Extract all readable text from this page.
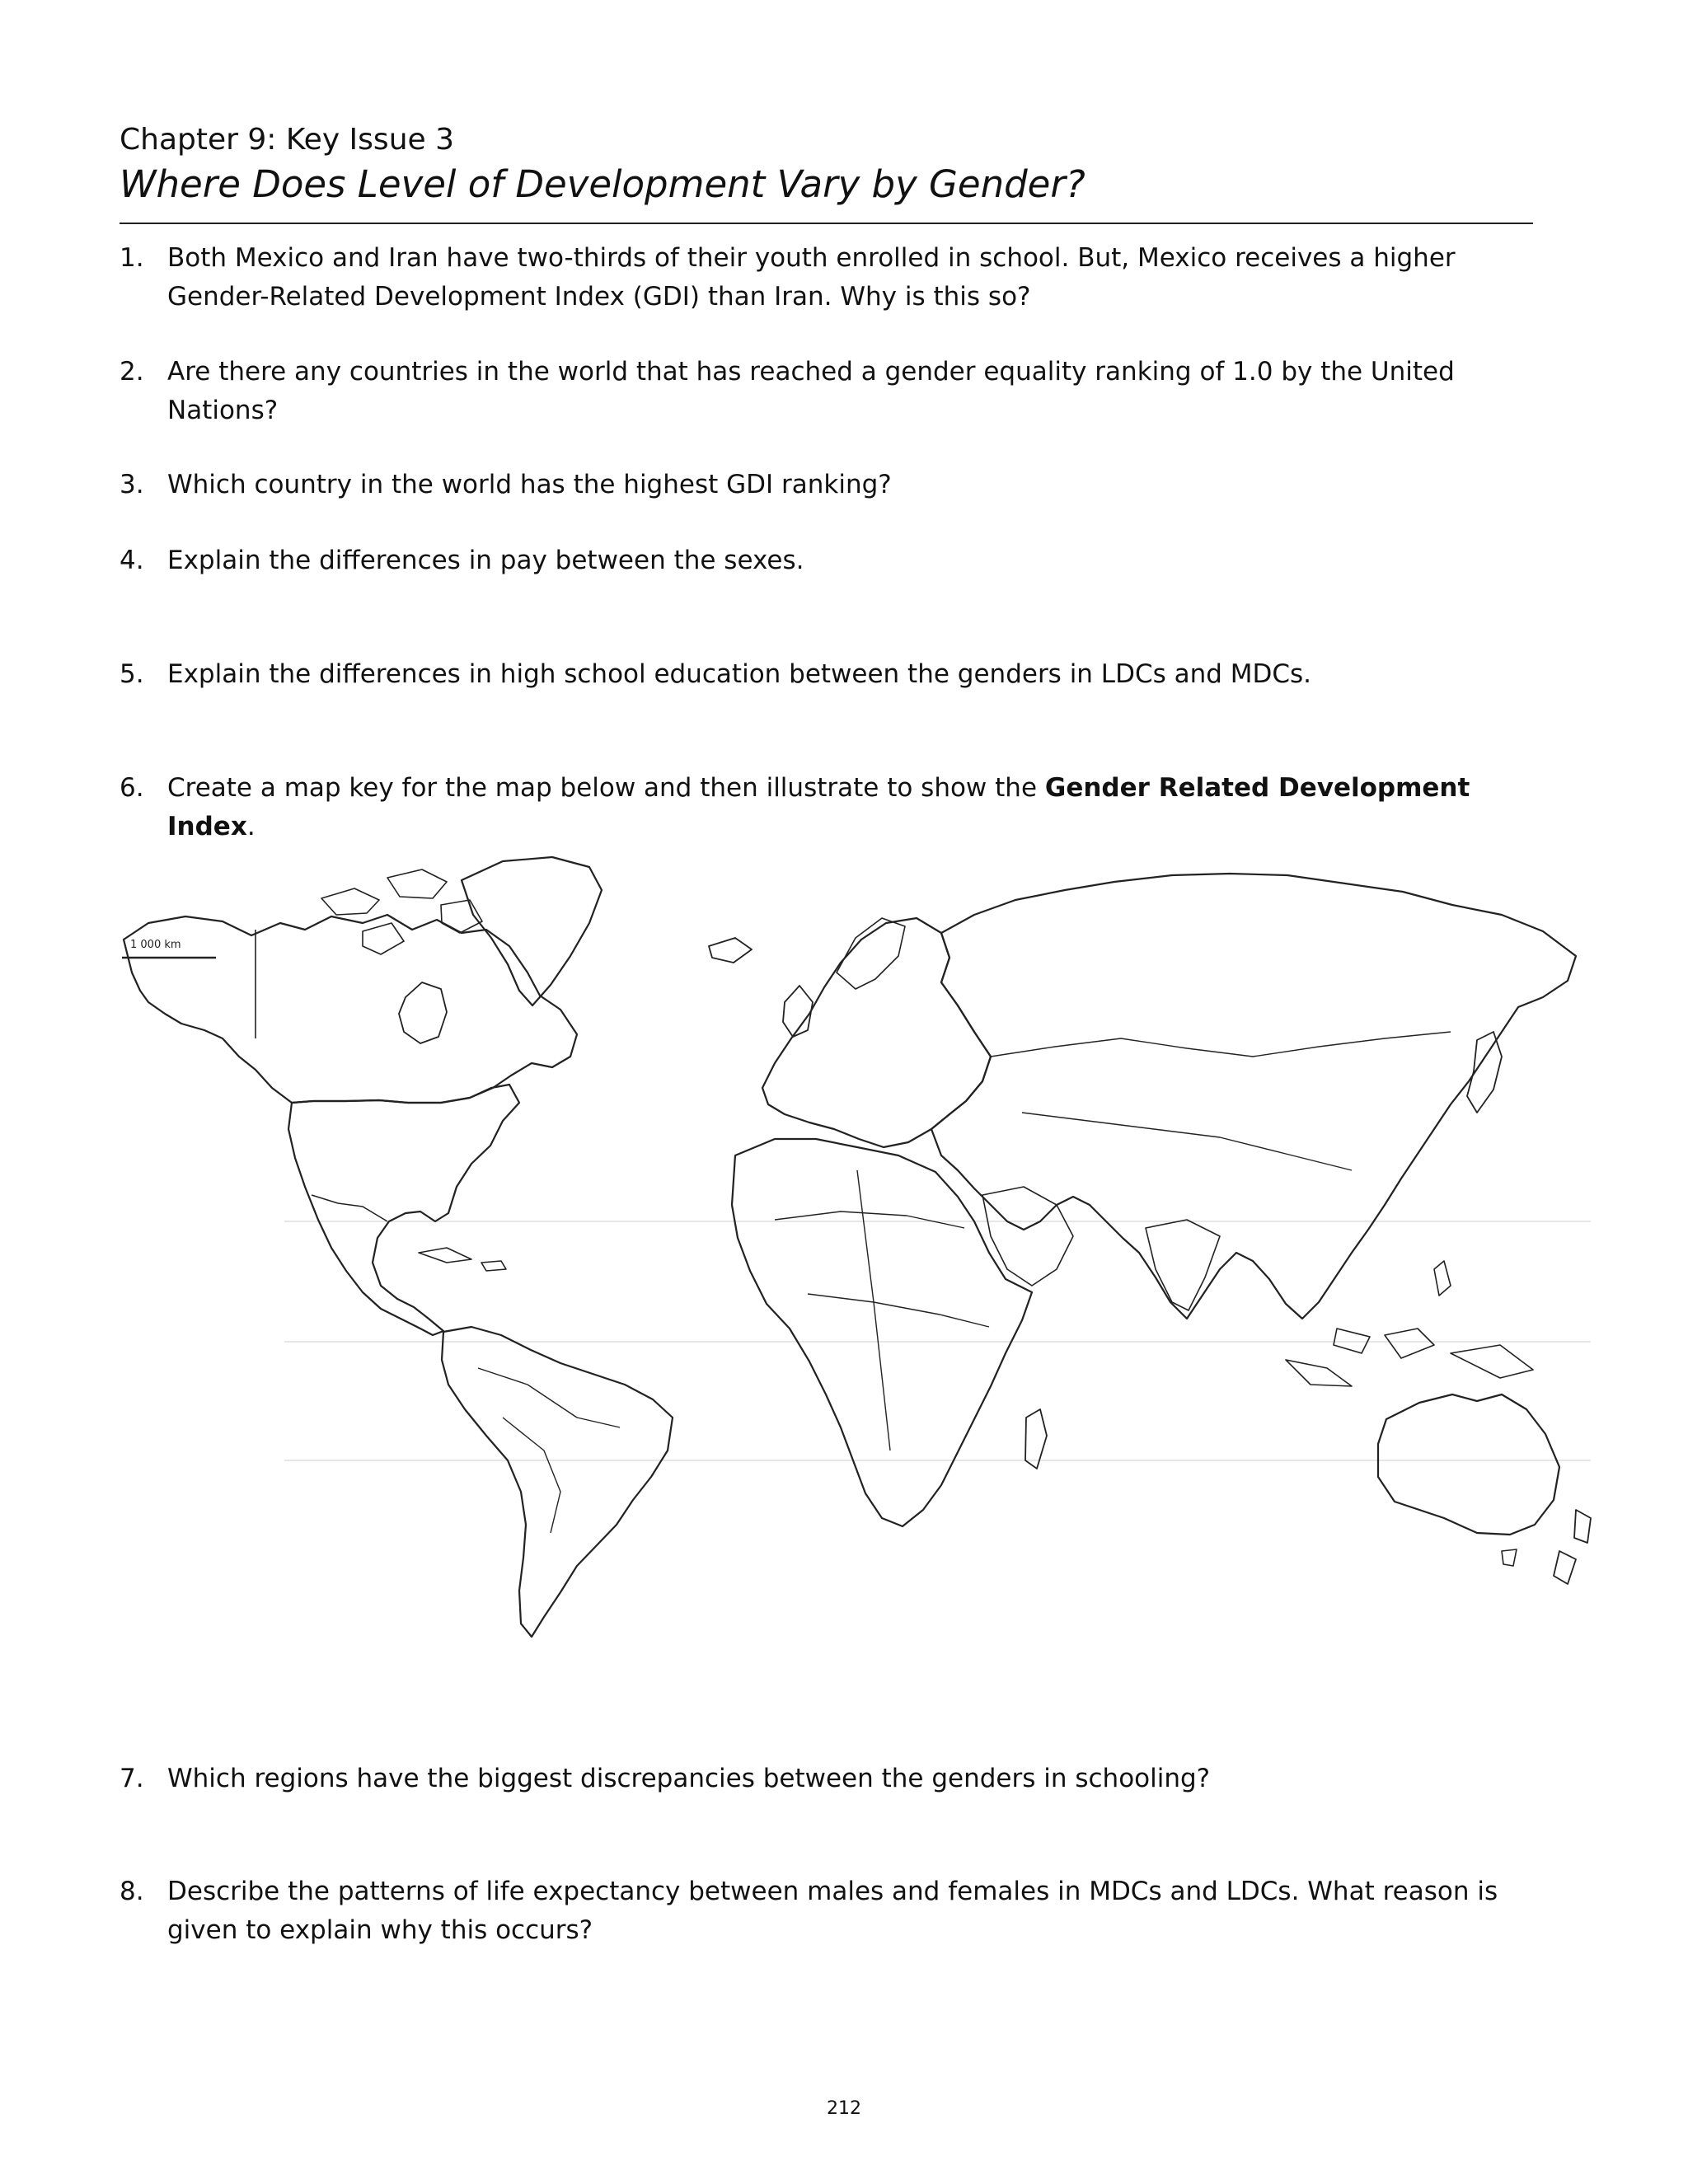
Chapter 9: Key Issue 3
Where Does Level of Development Vary by Gender?
1. Both Mexico and Iran have two-thirds of their youth enrolled in school. But, Mexico receives a higher Gender-Related Development Index (GDI) than Iran. Why is this so?
2. Are there any countries in the world that has reached a gender equality ranking of 1.0 by the United Nations?
3. Which country in the world has the highest GDI ranking?
4. Explain the differences in pay between the sexes.
5. Explain the differences in high school education between the genders in LDCs and MDCs.
6. Create a map key for the map below and then illustrate to show the Gender Related Development Index.
1 000 km
7. Which regions have the biggest discrepancies between the genders in schooling?
8. Describe the patterns of life expectancy between males and females in MDCs and LDCs. What reason is given to explain why this occurs?
212
